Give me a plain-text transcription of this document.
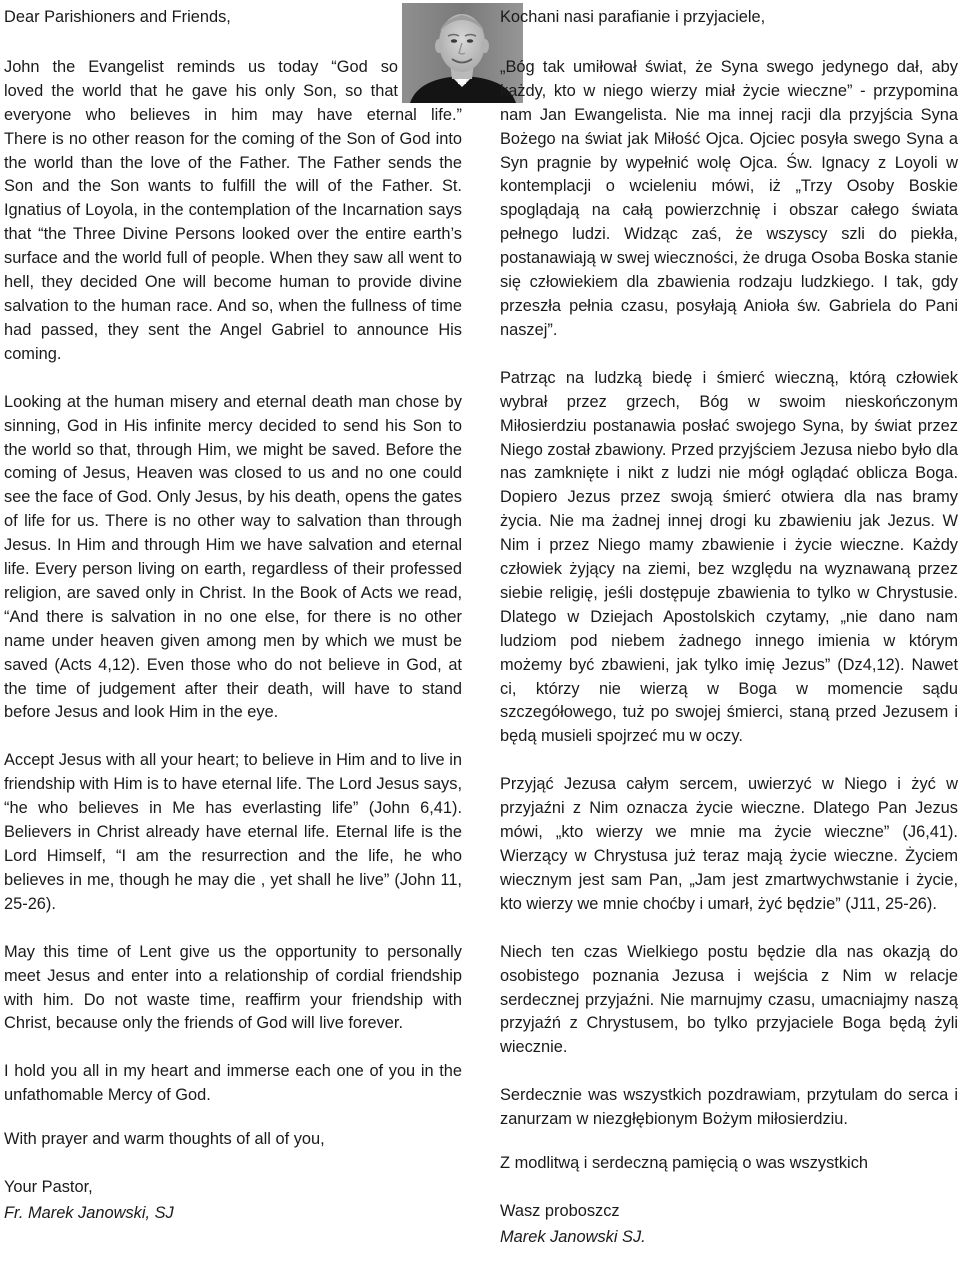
Dear Parishioners and Friends,

John the Evangelist reminds us today “God so

loved the world that he gave his only Son, so that

everyone who believes in him may have eternal life.”

There is no other reason for the coming of the Son of God into the world than the love of the Father. The Father sends the Son and the Son wants to fulfill the will of the Father. St. Ignatius of Loyola, in the contemplation of the Incarnation says that “the Three Divine Persons looked over the entire earth’s surface and the world full of people. When they saw all went to hell, they decided One will become human to provide divine salvation to the human race. And so, when the fullness of time had passed, they sent the Angel Gabriel to announce His coming.

Looking at the human misery and eternal death man chose by sinning, God in His infinite mercy decided to send his Son to the world so that, through Him, we might be saved. Before the coming of Jesus, Heaven was closed to us and no one could see the face of God. Only Jesus, by his death, opens the gates of life for us. There is no other way to salvation than through Jesus. In Him and through Him we have salvation and eternal life. Every person living on earth, regardless of their professed religion, are saved only in Christ. In the Book of Acts we read, “And there is salvation in no one else, for there is no other name under heaven given among men by which we must be saved (Acts 4,12). Even those who do not believe in God, at the time of judgement after their death, will have to stand before Jesus and look Him in the eye.

Accept Jesus with all your heart; to believe in Him and to live in friendship with Him is to have eternal life. The Lord Jesus says, “he who believes in Me has everlasting life” (John 6,41). Believers in Christ already have eternal life. Eternal life is the Lord Himself, “I am the resurrection and the life, he who believes in me, though he may die , yet shall he live” (John 11, 25-26).

May this time of Lent give us the opportunity to personally meet Jesus and enter into a relationship of cordial friendship with him. Do not waste time, reaffirm your friendship with Christ, because only the friends of God will live forever.

I hold you all in my heart and immerse each one of you in the unfathomable Mercy of God.

With prayer and warm thoughts of all of you,

Your Pastor,

Fr. Marek Janowski, SJ

Kochani nasi parafianie i przyjaciele,

„Bóg tak umiłował świat, że Syna swego jedynego dał, aby każdy, kto w niego wierzy miał życie wieczne” - przypomina nam Jan Ewangelista. Nie ma innej racji dla przyjścia Syna Bożego na świat jak Miłość Ojca. Ojciec posyła swego Syna a Syn pragnie by wypełnić wolę Ojca. Św. Ignacy z Loyoli w kontemplacji o wcieleniu mówi, iż „Trzy Osoby Boskie spoglądają na całą powierzchnię i obszar całego świata pełnego ludzi. Widząc zaś, że wszyscy szli do piekła, postanawiają w swej wieczności, że druga Osoba Boska stanie się człowiekiem dla zbawienia rodzaju ludzkiego. I tak, gdy przeszła pełnia czasu, posyłają Anioła św. Gabriela do Pani naszej”.

Patrząc na ludzką biedę i śmierć wieczną, którą człowiek wybrał przez grzech, Bóg w swoim nieskończonym Miłosierdziu postanawia posłać swojego Syna, by świat przez Niego został zbawiony. Przed przyjściem Jezusa niebo było dla nas zamknięte i nikt z ludzi nie mógł oglądać oblicza Boga. Dopiero Jezus przez swoją śmierć otwiera dla nas bramy życia. Nie ma żadnej innej drogi ku zbawieniu jak Jezus. W Nim i przez Niego mamy zbawienie i życie wieczne. Każdy człowiek żyjący na ziemi, bez względu na wyznawaną przez siebie religię, jeśli dostępuje zbawienia to tylko w Chrystusie. Dlatego w Dziejach Apostolskich czytamy, „nie dano nam ludziom pod niebem żadnego innego imienia w którym możemy być zbawieni, jak tylko imię Jezus” (Dz4,12). Nawet ci, którzy nie wierzą w Boga w momencie sądu szczegółowego, tuż po swojej śmierci, staną przed Jezusem i będą musieli spojrzeć mu w oczy.

Przyjąć Jezusa całym sercem, uwierzyć w Niego i żyć w przyjaźni z Nim oznacza życie wieczne. Dlatego Pan Jezus mówi, „kto wierzy we mnie ma życie wieczne” (J6,41). Wierzący w Chrystusa już teraz mają życie wieczne. Życiem wiecznym jest sam Pan, „Jam jest zmartwychwstanie i życie, kto wierzy we mnie choćby i umarł, żyć będzie” (J11, 25-26).

Niech ten czas Wielkiego postu będzie dla nas okazją do osobistego poznania Jezusa i wejścia z Nim w relacje serdecznej przyjaźni. Nie marnujmy czasu, umacniajmy naszą przyjaźń z Chrystusem, bo tylko przyjaciele Boga będą żyli wiecznie.

Serdecznie was wszystkich pozdrawiam, przytulam do serca i zanurzam w niezgłębionym Bożym miłosierdziu.

Z modlitwą i serdeczną pamięcią o was wszystkich

Wasz proboszcz

Marek Janowski SJ.
